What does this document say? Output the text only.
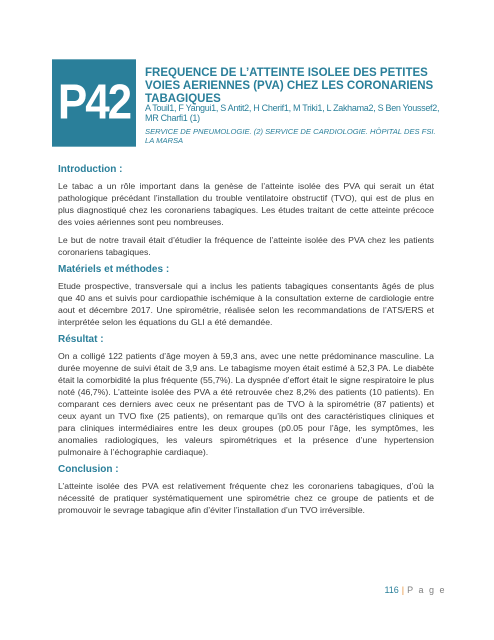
P42
FREQUENCE DE L’ATTEINTE ISOLEE DES PETITES VOIES AERIENNES (PVA) CHEZ LES CORONARIENS TABAGIQUES
A Touil1, F Yangui1, S Antit2, H Cherif1, M Triki1, L Zakhama2, S Ben Youssef2, MR Charfi1 (1)
SERVICE DE PNEUMOLOGIE. (2) SERVICE DE CARDIOLOGIE. HÔPITAL DES FSI. LA MARSA
Introduction :

Le tabac a un rôle important dans la genèse de l’atteinte isolée des PVA qui serait un état pathologique précédant l’installation du trouble ventilatoire obstructif (TVO), qui est de plus en plus diagnostiqué chez les coronariens tabagiques. Les études traitant de cette atteinte précoce des voies aériennes sont peu nombreuses.

Le but de notre travail était d’étudier la fréquence de l’atteinte isolée des PVA chez les patients coronariens tabagiques.

Matériels et méthodes :

Etude prospective, transversale qui a inclus les patients tabagiques consentants âgés de plus que 40 ans et suivis pour cardiopathie ischémique à la consultation externe de cardiologie entre aout et décembre 2017. Une spirométrie, réalisée selon les recommandations de l’ATS/ERS et interprétée selon les équations du GLI a été demandée.

Résultat :

On a colligé 122 patients d’âge moyen à 59,3 ans, avec une nette prédominance masculine. La durée moyenne de suivi était de 3,9 ans. Le tabagisme moyen était estimé à 52,3 PA. Le diabète était la comorbidité la plus fréquente (55,7%). La dyspnée d’effort était le signe respiratoire le plus noté (46,7%). L’atteinte isolée des PVA a été retrouvée chez 8,2% des patients (10 patients). En comparant ces derniers avec ceux ne présentant pas de TVO à la spirométrie (87 patients) et ceux ayant un TVO fixe (25 patients), on remarque qu’ils ont des caractéristiques cliniques et para cliniques intermédiaires entre les deux groupes (p0.05 pour l’âge, les symptômes, les anomalies radiologiques, les valeurs spirométriques et la présence d’une hypertension pulmonaire à l’échographie cardiaque).

Conclusion :

L’atteinte isolée des PVA est relativement fréquente chez les coronariens tabagiques, d’où la nécessité de pratiquer systématiquement une spirométrie chez ce groupe de patients et de promouvoir le sevrage tabagique afin d’éviter l’installation d’un TVO irréversible.

116 | P a g e
